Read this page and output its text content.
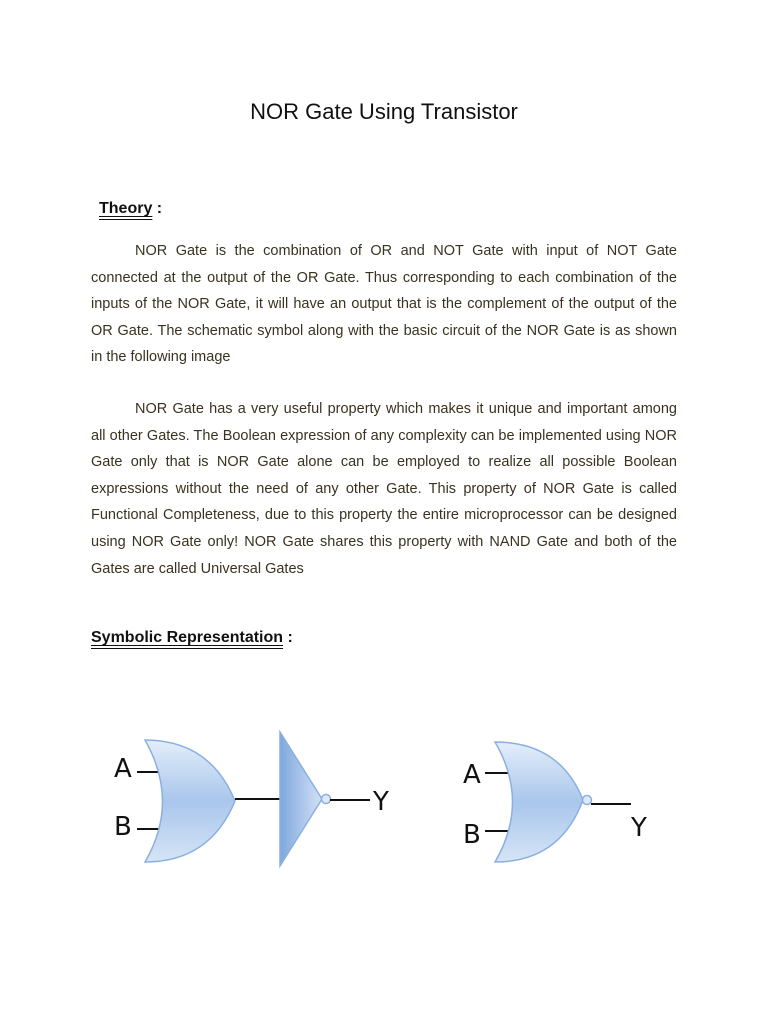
NOR Gate Using Transistor
Theory :

NOR Gate is the combination of OR and NOT Gate with input of NOT Gate connected at the output of the OR Gate. Thus corresponding to each combination of the inputs of the NOR Gate, it will have an output that is the complement of the output of the OR Gate. The schematic symbol along with the basic circuit of the NOR Gate is as shown in the following image

NOR Gate has a very useful property which makes it unique and important among all other Gates. The Boolean expression of any complexity can be implemented using NOR Gate only that is NOR Gate alone can be employed to realize all possible Boolean expressions without the need of any other Gate. This property of NOR Gate is called Functional Completeness, due to this property the entire microprocessor can be designed using NOR Gate only! NOR Gate shares this property with NAND Gate and both of the Gates are called Universal Gates

Symbolic Representation :
A
B
Y
A
B	Y
